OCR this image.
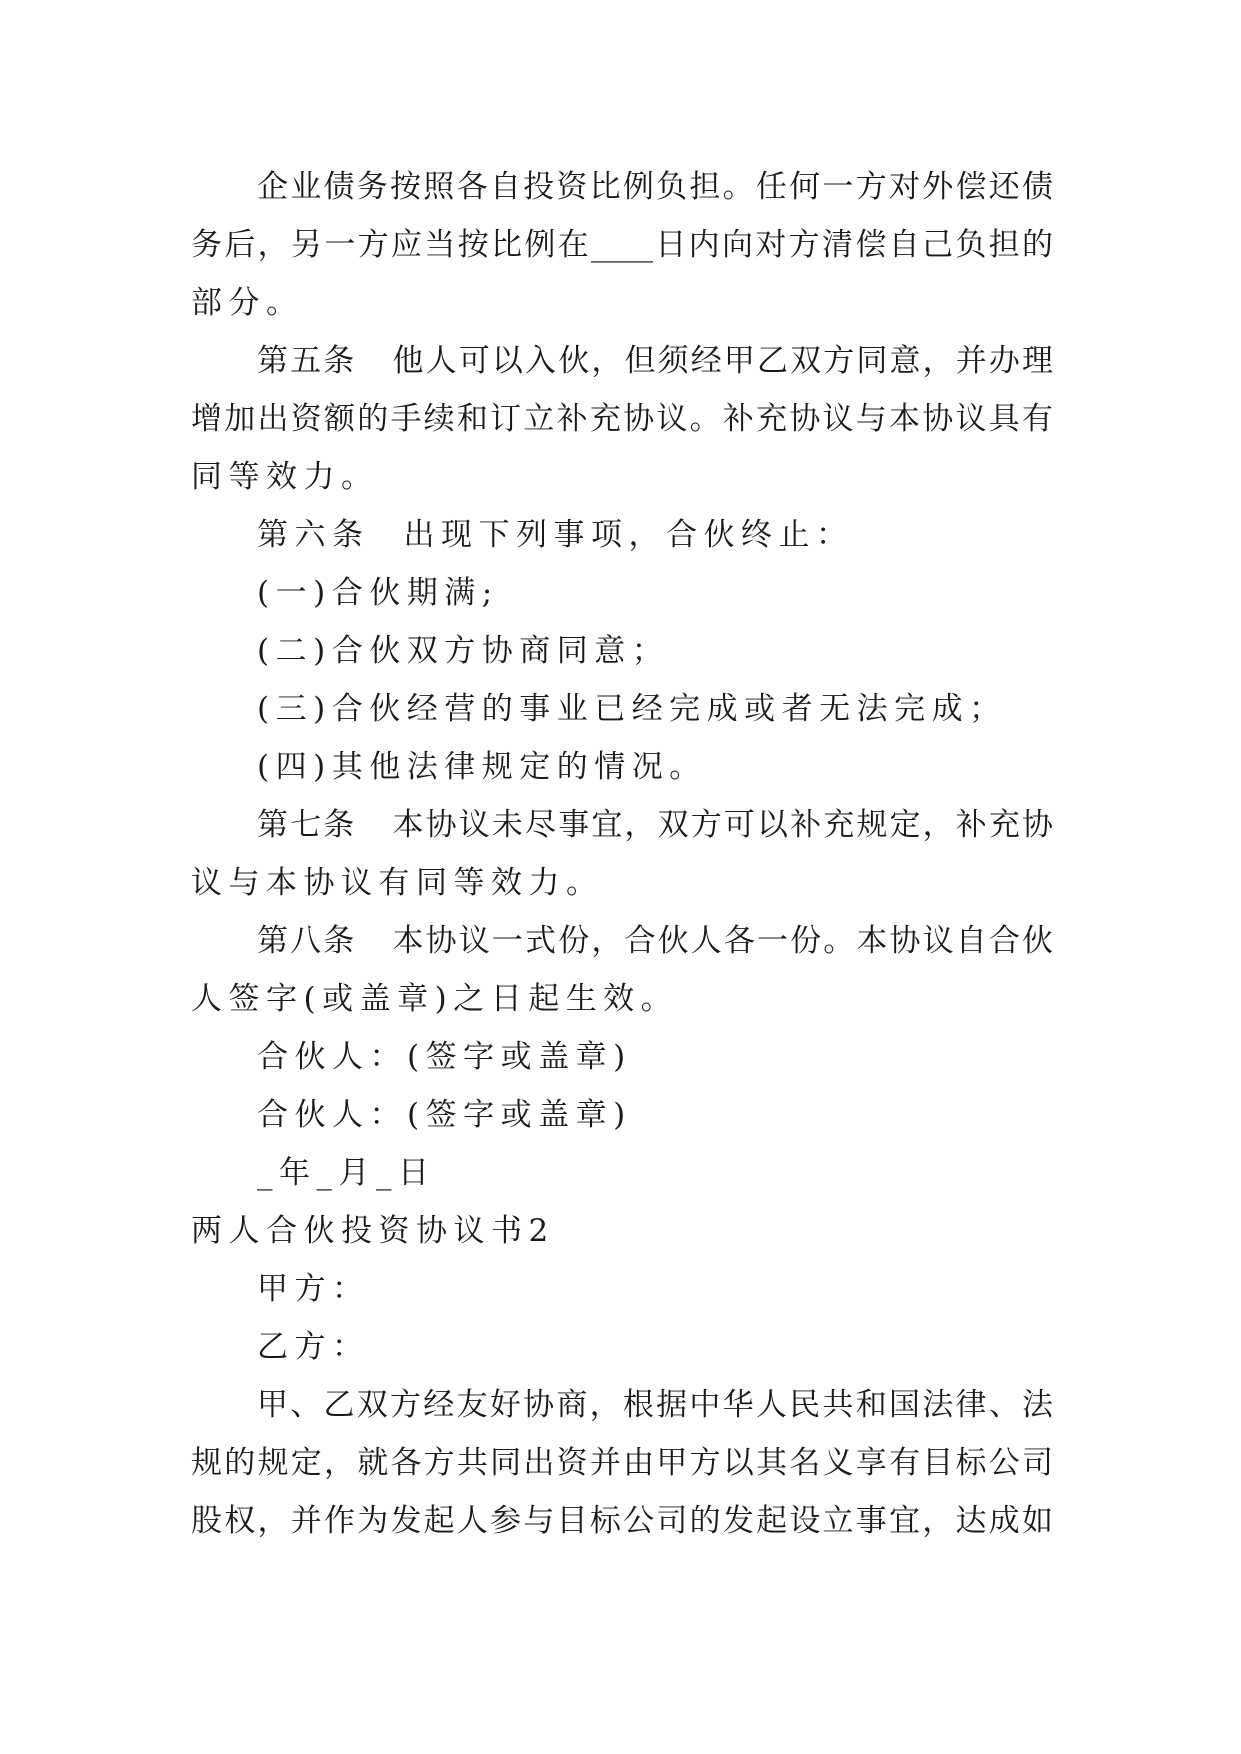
企业债务按照各自投资比例负担。任何一方对外偿还债
务后，另一方应当按比例在____日内向对方清偿自己负担的
部分。
第五条 他人可以入伙，但须经甲乙双方同意，并办理
增加出资额的手续和订立补充协议。补充协议与本协议具有
同等效力。
第六条 出现下列事项，合伙终止：
(一)合伙期满;
(二)合伙双方协商同意；
(三)合伙经营的事业已经完成或者无法完成；
(四)其他法律规定的情况。
第七条 本协议未尽事宜，双方可以补充规定，补充协
议与本协议有同等效力。
第八条 本协议一式份，合伙人各一份。本协议自合伙
人签字(或盖章)之日起生效。
合伙人：(签字或盖章)
合伙人：(签字或盖章)
_年_月_日
两人合伙投资协议书2
甲方：
乙方：
甲、乙双方经友好协商，根据中华人民共和国法律、法
规的规定，就各方共同出资并由甲方以其名义享有目标公司
股权，并作为发起人参与目标公司的发起设立事宜，达成如
